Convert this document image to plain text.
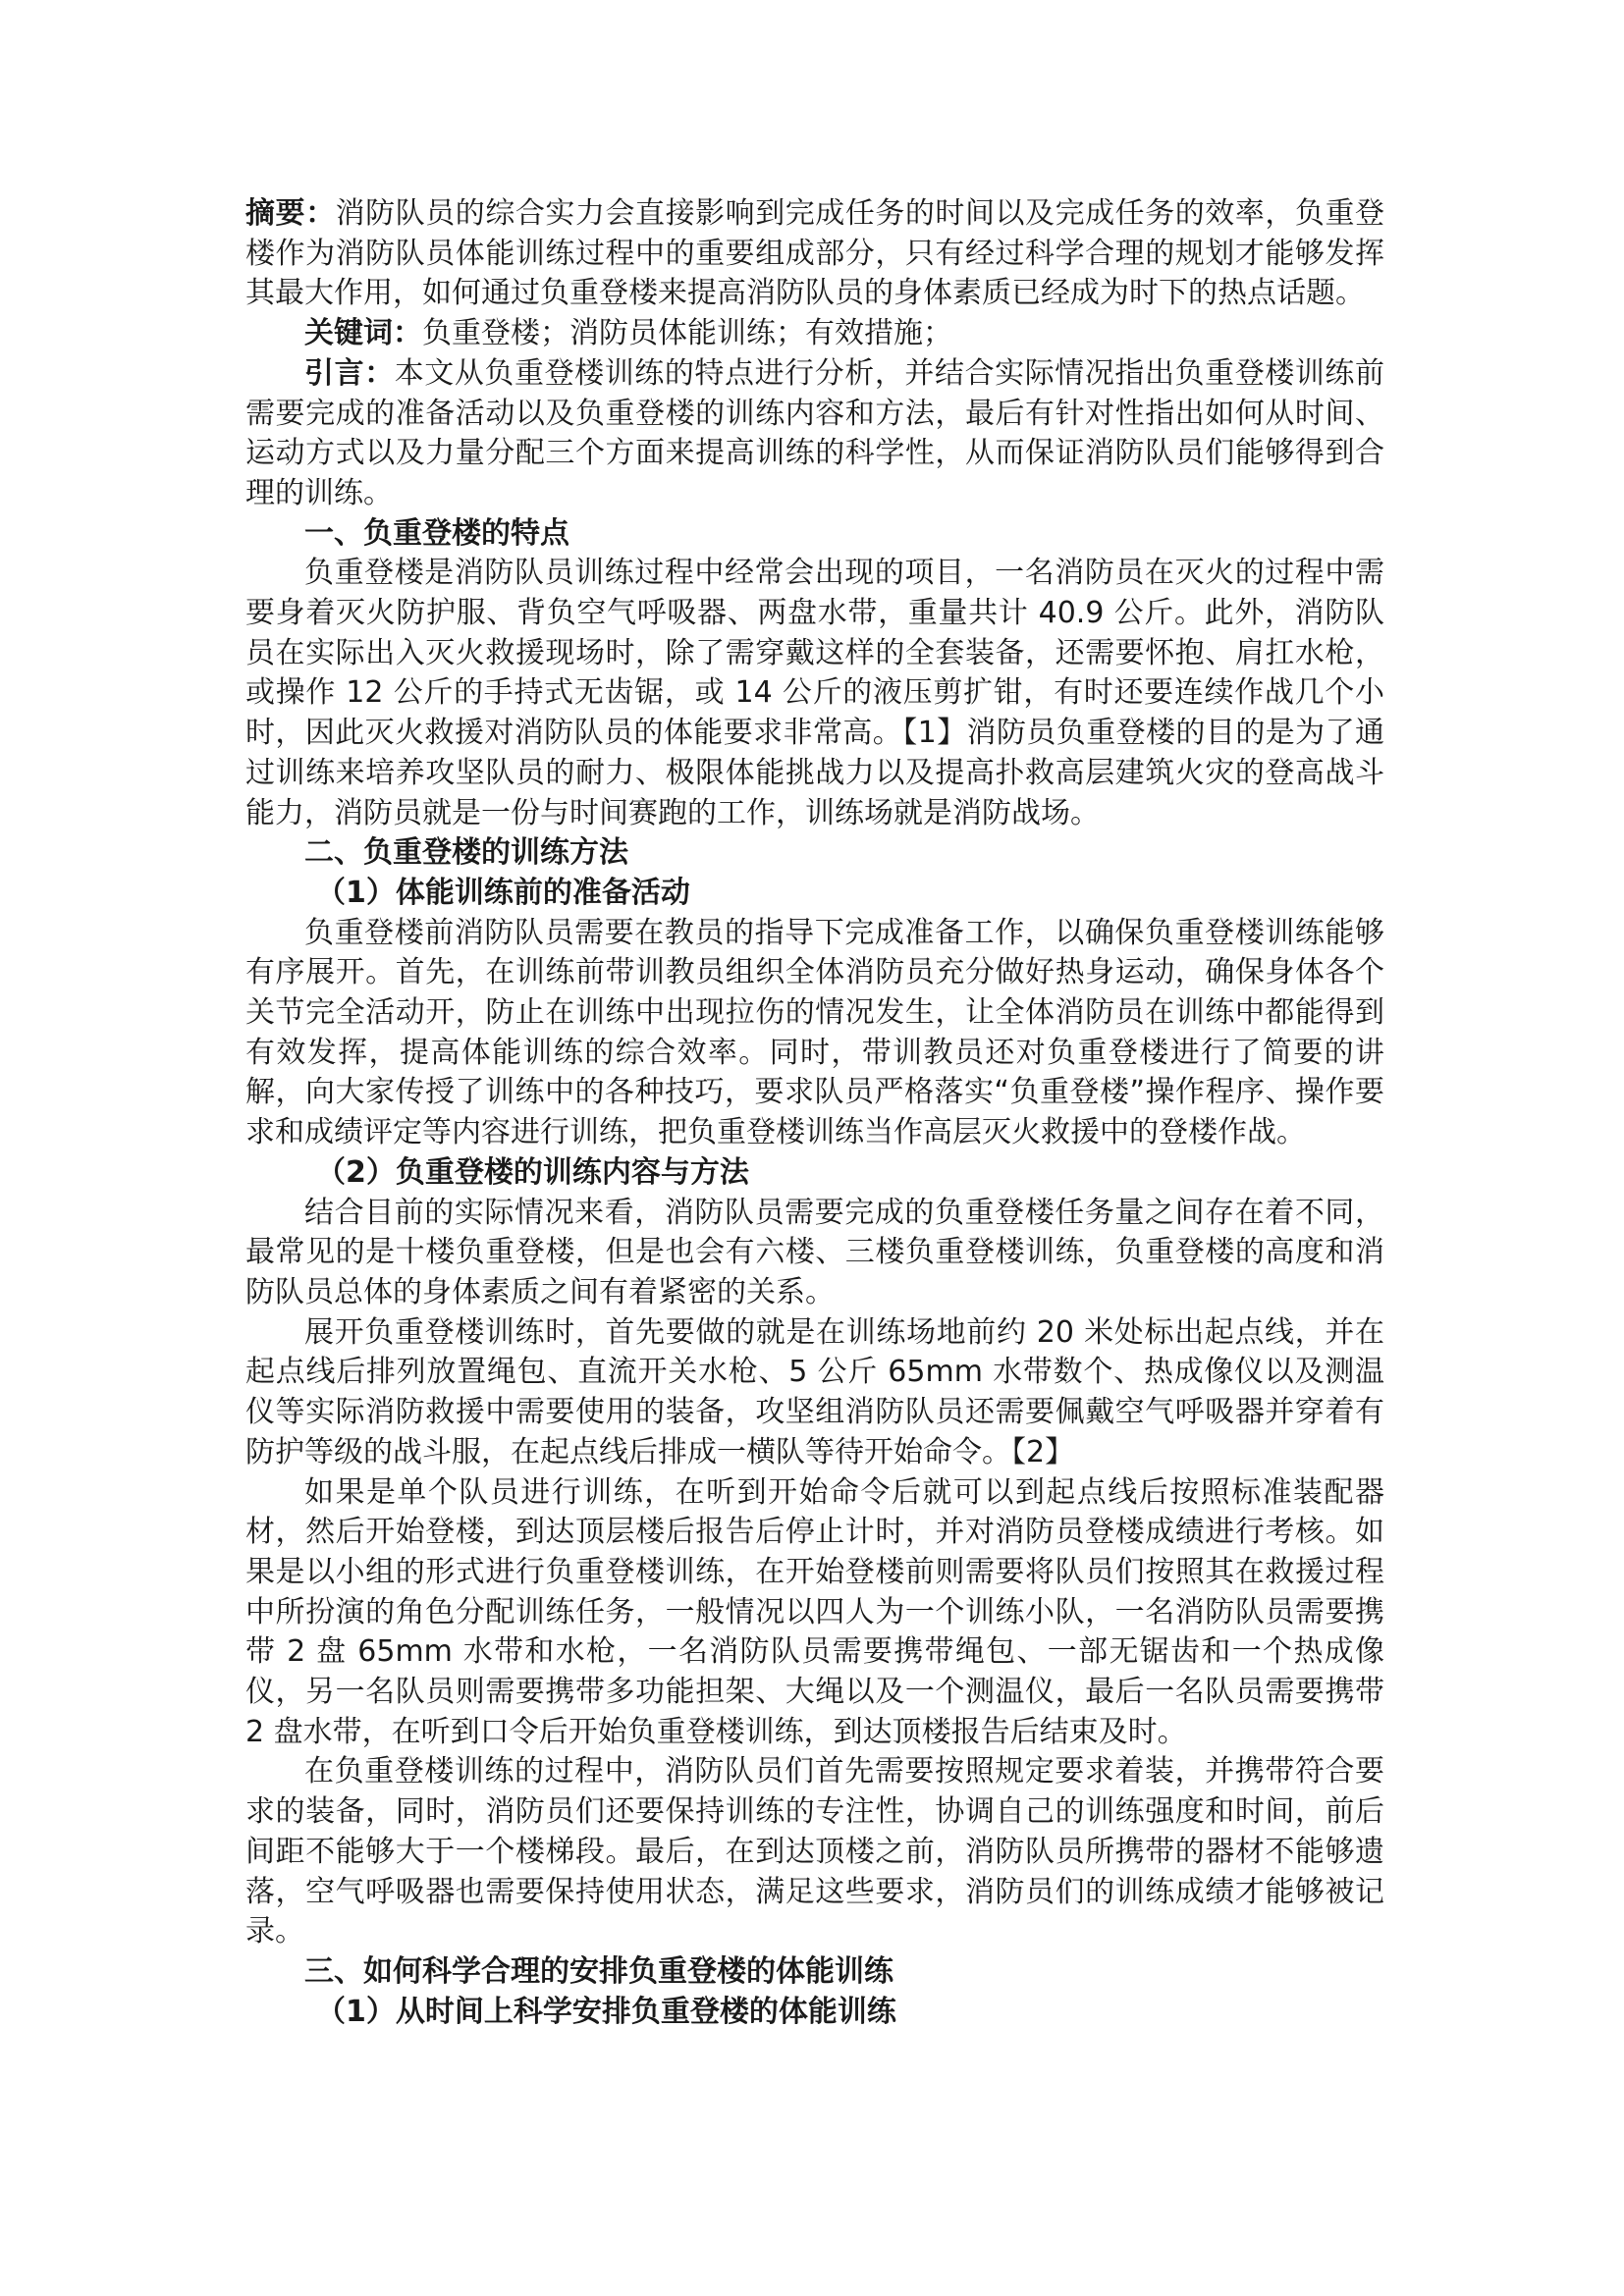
摘要：消防队员的综合实力会直接影响到完成任务的时间以及完成任务的效率，负重登楼作为消防队员体能训练过程中的重要组成部分，只有经过科学合理的规划才能够发挥其最大作用，如何通过负重登楼来提高消防队员的身体素质已经成为时下的热点话题。

关键词：负重登楼；消防员体能训练；有效措施；

引言：本文从负重登楼训练的特点进行分析，并结合实际情况指出负重登楼训练前需要完成的准备活动以及负重登楼的训练内容和方法，最后有针对性指出如何从时间、运动方式以及力量分配三个方面来提高训练的科学性，从而保证消防队员们能够得到合理的训练。

一、负重登楼的特点

负重登楼是消防队员训练过程中经常会出现的项目，一名消防员在灭火的过程中需要身着灭火防护服、背负空气呼吸器、两盘水带，重量共计 40.9 公斤。此外，消防队员在实际出入灭火救援现场时，除了需穿戴这样的全套装备，还需要怀抱、肩扛水枪，或操作 12 公斤的手持式无齿锯，或 14 公斤的液压剪扩钳，有时还要连续作战几个小时，因此灭火救援对消防队员的体能要求非常高。【1】消防员负重登楼的目的是为了通过训练来培养攻坚队员的耐力、极限体能挑战力以及提高扑救高层建筑火灾的登高战斗能力，消防员就是一份与时间赛跑的工作，训练场就是消防战场。

二、负重登楼的训练方法

（1）体能训练前的准备活动

负重登楼前消防队员需要在教员的指导下完成准备工作，以确保负重登楼训练能够有序展开。首先，在训练前带训教员组织全体消防员充分做好热身运动，确保身体各个关节完全活动开，防止在训练中出现拉伤的情况发生，让全体消防员在训练中都能得到有效发挥，提高体能训练的综合效率。同时，带训教员还对负重登楼进行了简要的讲解，向大家传授了训练中的各种技巧，要求队员严格落实“负重登楼”操作程序、操作要求和成绩评定等内容进行训练，把负重登楼训练当作高层灭火救援中的登楼作战。

（2）负重登楼的训练内容与方法

结合目前的实际情况来看，消防队员需要完成的负重登楼任务量之间存在着不同，最常见的是十楼负重登楼，但是也会有六楼、三楼负重登楼训练，负重登楼的高度和消防队员总体的身体素质之间有着紧密的关系。

展开负重登楼训练时，首先要做的就是在训练场地前约 20 米处标出起点线，并在起点线后排列放置绳包、直流开关水枪、5 公斤 65mm 水带数个、热成像仪以及测温仪等实际消防救援中需要使用的装备，攻坚组消防队员还需要佩戴空气呼吸器并穿着有防护等级的战斗服，在起点线后排成一横队等待开始命令。【2】

如果是单个队员进行训练，在听到开始命令后就可以到起点线后按照标准装配器材，然后开始登楼，到达顶层楼后报告后停止计时，并对消防员登楼成绩进行考核。如果是以小组的形式进行负重登楼训练，在开始登楼前则需要将队员们按照其在救援过程中所扮演的角色分配训练任务，一般情况以四人为一个训练小队，一名消防队员需要携带 2 盘 65mm 水带和水枪，一名消防队员需要携带绳包、一部无锯齿和一个热成像仪，另一名队员则需要携带多功能担架、大绳以及一个测温仪，最后一名队员需要携带 2 盘水带，在听到口令后开始负重登楼训练，到达顶楼报告后结束及时。

在负重登楼训练的过程中，消防队员们首先需要按照规定要求着装，并携带符合要求的装备，同时，消防员们还要保持训练的专注性，协调自己的训练强度和时间，前后间距不能够大于一个楼梯段。最后，在到达顶楼之前，消防队员所携带的器材不能够遗落，空气呼吸器也需要保持使用状态，满足这些要求，消防员们的训练成绩才能够被记录。

三、如何科学合理的安排负重登楼的体能训练

（1）从时间上科学安排负重登楼的体能训练
